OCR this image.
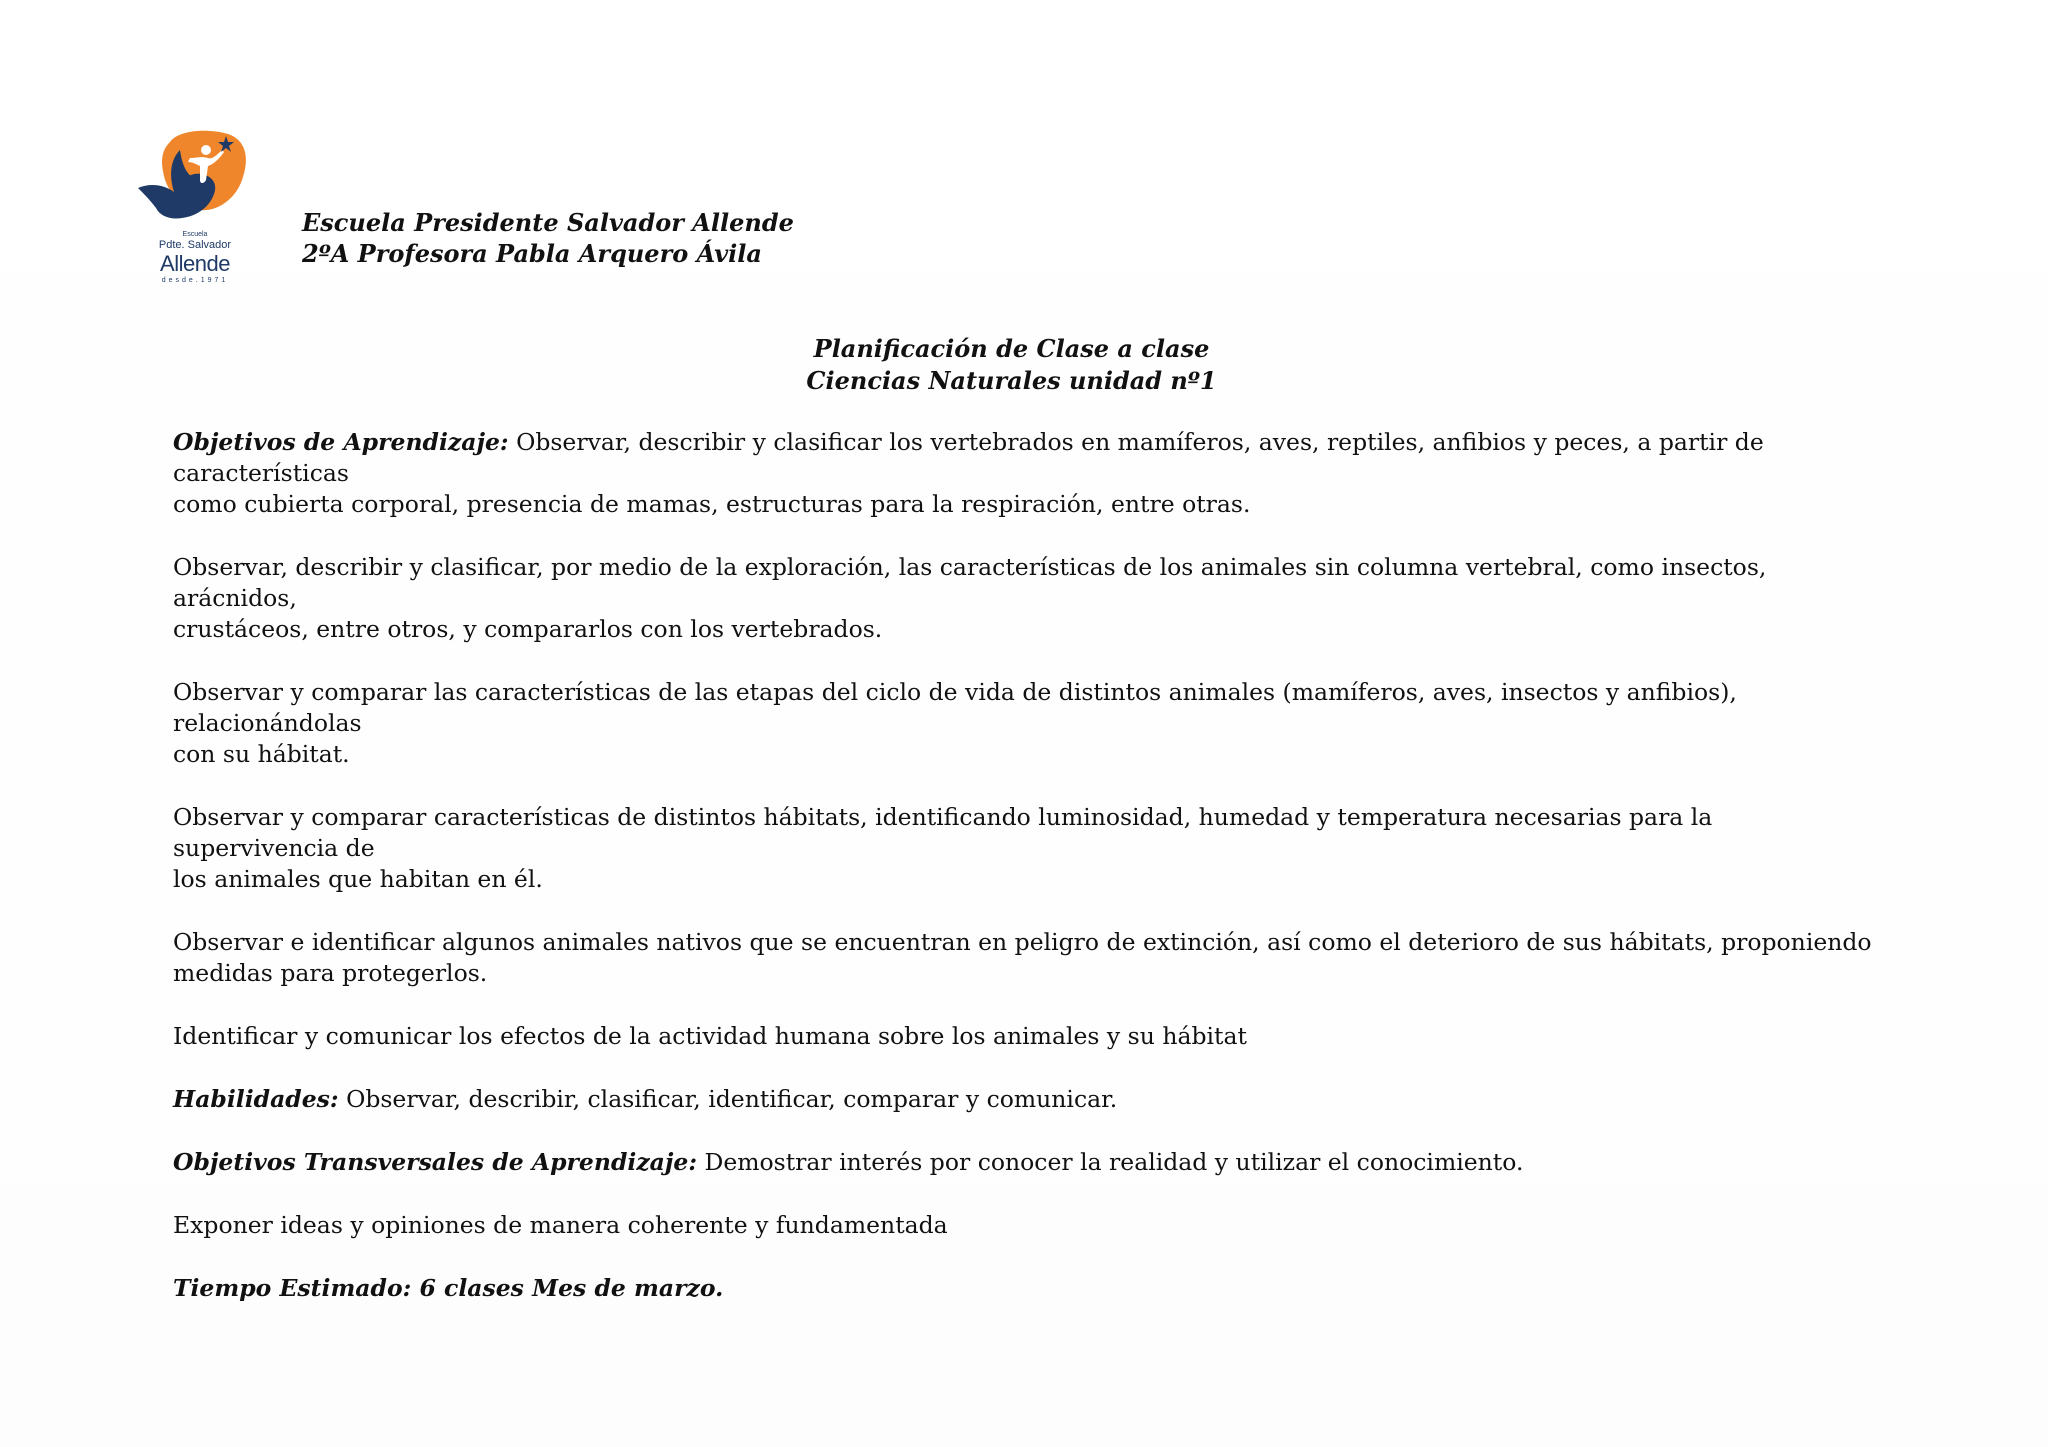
Escuela
Pdte. Salvador
Allende
desde.1971
Escuela Presidente Salvador Allende
2ºA Profesora Pabla Arquero Ávila
Planificación de Clase a clase
Ciencias Naturales unidad nº1

Objetivos de Aprendizaje: Observar, describir y clasificar los vertebrados en mamíferos, aves, reptiles, anfibios y peces, a partir de características
como cubierta corporal, presencia de mamas, estructuras para la respiración, entre otras.

Observar, describir y clasificar, por medio de la exploración, las características de los animales sin columna vertebral, como insectos, arácnidos,
crustáceos, entre otros, y compararlos con los vertebrados.

Observar y comparar las características de las etapas del ciclo de vida de distintos animales (mamíferos, aves, insectos y anfibios), relacionándolas
con su hábitat.

Observar y comparar características de distintos hábitats, identificando luminosidad, humedad y temperatura necesarias para la supervivencia de
los animales que habitan en él.

Observar e identificar algunos animales nativos que se encuentran en peligro de extinción, así como el deterioro de sus hábitats, proponiendo
medidas para protegerlos.

Identificar y comunicar los efectos de la actividad humana sobre los animales y su hábitat

Habilidades: Observar, describir, clasificar, identificar, comparar y comunicar.

Objetivos Transversales de Aprendizaje: Demostrar interés por conocer la realidad y utilizar el conocimiento.

Exponer ideas y opiniones de manera coherente y fundamentada

Tiempo Estimado: 6 clases Mes de marzo.
